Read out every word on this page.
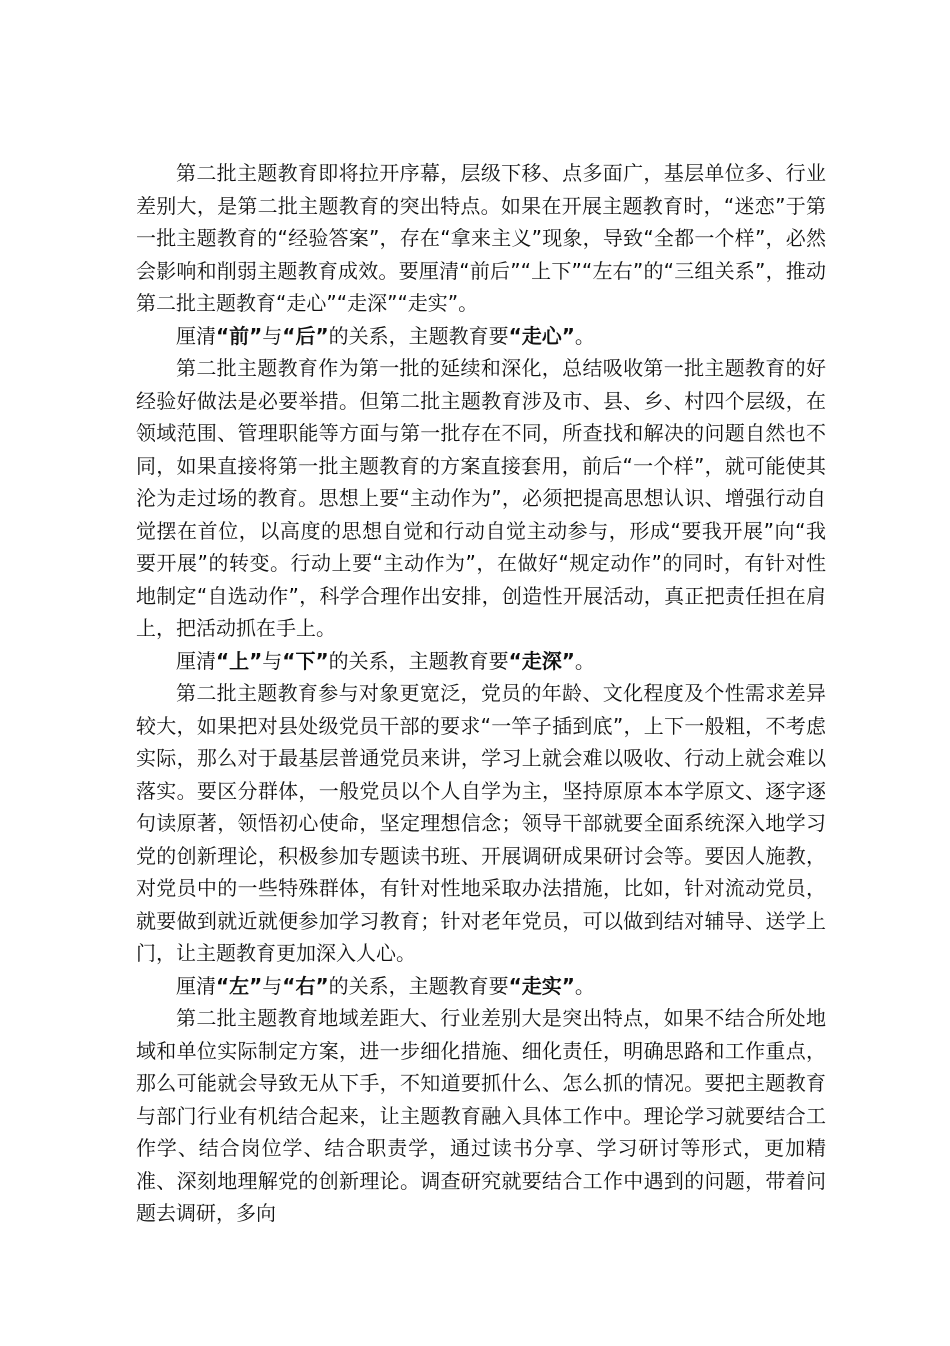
第二批主题教育即将拉开序幕，层级下移、点多面广，基层单位多、行业差别大，是第二批主题教育的突出特点。如果在开展主题教育时，“迷恋”于第一批主题教育的“经验答案”，存在“拿来主义”现象，导致“全都一个样”，必然会影响和削弱主题教育成效。要厘清“前后”“上下”“左右”的“三组关系”，推动第二批主题教育“走心”“走深”“走实”。

厘清“前”与“后”的关系，主题教育要“走心”。

第二批主题教育作为第一批的延续和深化，总结吸收第一批主题教育的好经验好做法是必要举措。但第二批主题教育涉及市、县、乡、村四个层级，在领域范围、管理职能等方面与第一批存在不同，所查找和解决的问题自然也不同，如果直接将第一批主题教育的方案直接套用，前后“一个样”，就可能使其沦为走过场的教育。思想上要“主动作为”，必须把提高思想认识、增强行动自觉摆在首位，以高度的思想自觉和行动自觉主动参与，形成“要我开展”向“我要开展”的转变。行动上要“主动作为”，在做好“规定动作”的同时，有针对性地制定“自选动作”，科学合理作出安排，创造性开展活动，真正把责任担在肩上，把活动抓在手上。

厘清“上”与“下”的关系，主题教育要“走深”。

第二批主题教育参与对象更宽泛，党员的年龄、文化程度及个性需求差异较大，如果把对县处级党员干部的要求“一竿子插到底”，上下一般粗，不考虑实际，那么对于最基层普通党员来讲，学习上就会难以吸收、行动上就会难以落实。要区分群体，一般党员以个人自学为主，坚持原原本本学原文、逐字逐句读原著，领悟初心使命，坚定理想信念；领导干部就要全面系统深入地学习党的创新理论，积极参加专题读书班、开展调研成果研讨会等。要因人施教，对党员中的一些特殊群体，有针对性地采取办法措施，比如，针对流动党员，就要做到就近就便参加学习教育；针对老年党员，可以做到结对辅导、送学上门，让主题教育更加深入人心。

厘清“左”与“右”的关系，主题教育要“走实”。

第二批主题教育地域差距大、行业差别大是突出特点，如果不结合所处地域和单位实际制定方案，进一步细化措施、细化责任，明确思路和工作重点，那么可能就会导致无从下手，不知道要抓什么、怎么抓的情况。要把主题教育与部门行业有机结合起来，让主题教育融入具体工作中。理论学习就要结合工作学、结合岗位学、结合职责学，通过读书分享、学习研讨等形式，更加精准、深刻地理解党的创新理论。调查研究就要结合工作中遇到的问题，带着问题去调研，多向
